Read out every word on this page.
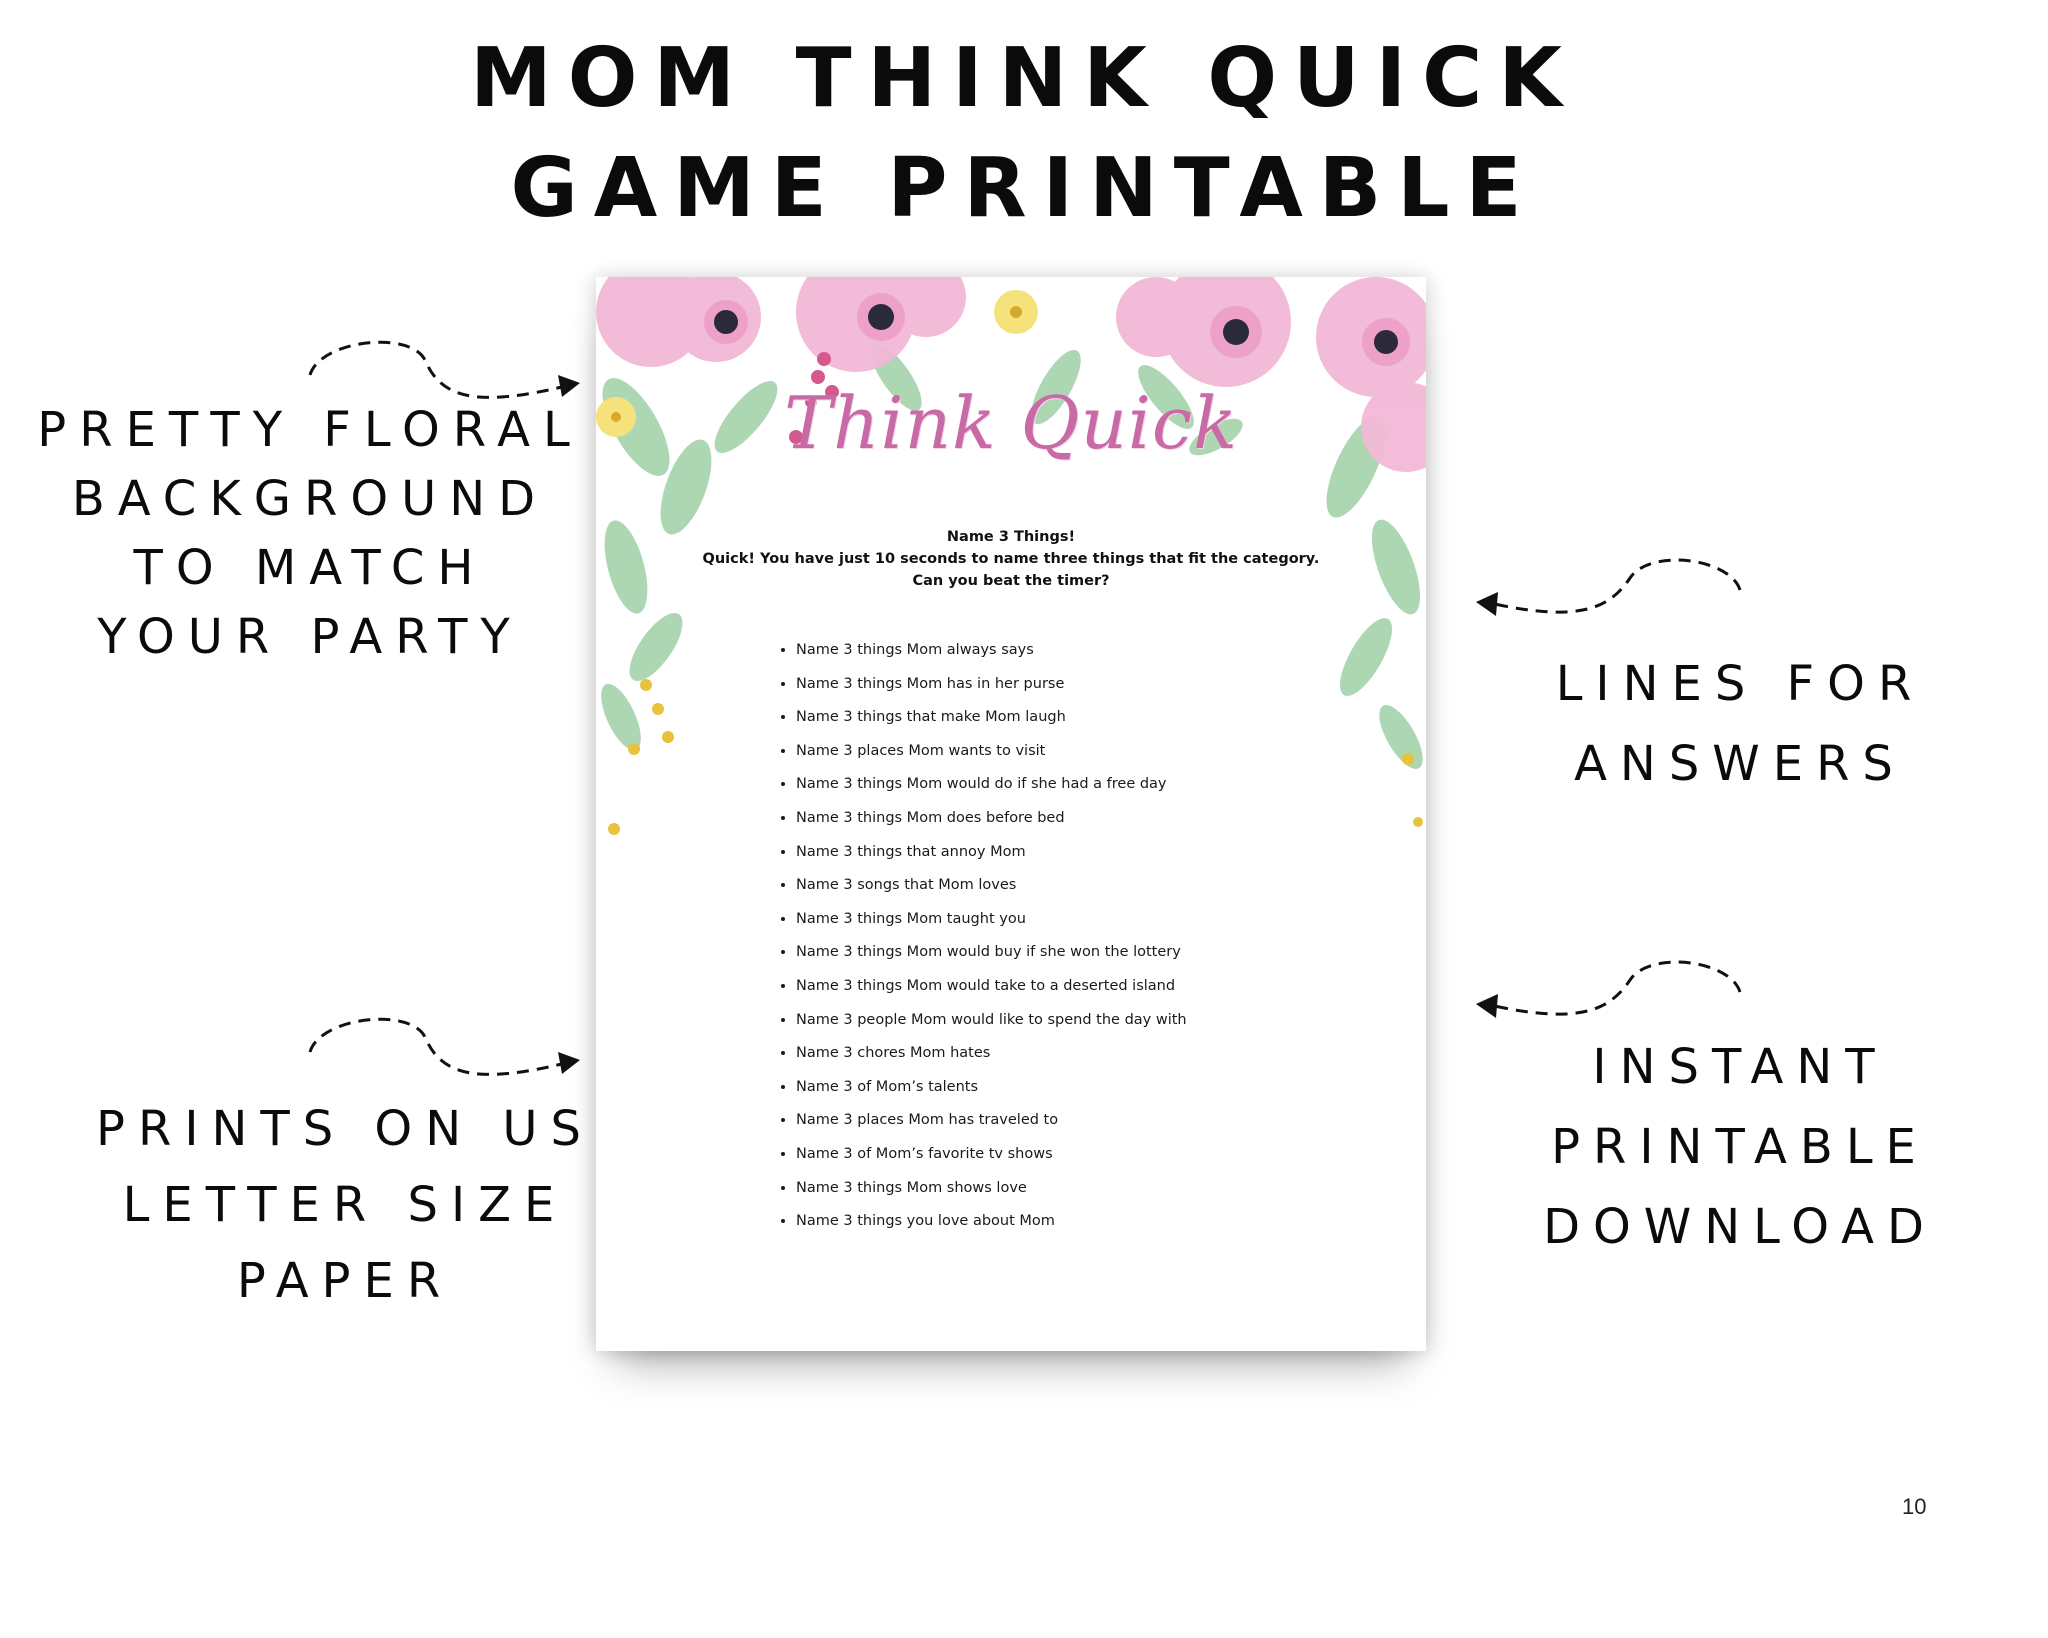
MOM THINK QUICK
GAME PRINTABLE
PRETTY FLORAL
BACKGROUND
TO MATCH
YOUR PARTY
PRINTS ON US
LETTER SIZE
PAPER
LINES FOR
ANSWERS
INSTANT
PRINTABLE
DOWNLOAD
Think Quick
Name 3 Things!
Quick! You have just 10 seconds to name three things that fit the category.
Can you beat the timer?
• Name 3 things Mom always says
• Name 3 things Mom has in her purse
• Name 3 things that make Mom laugh
• Name 3 places Mom wants to visit
• Name 3 things Mom would do if she had a free day
• Name 3 things Mom does before bed
• Name 3 things that annoy Mom
• Name 3 songs that Mom loves
• Name 3 things Mom taught you
• Name 3 things Mom would buy if she won the lottery
• Name 3 things Mom would take to a deserted island
• Name 3 people Mom would like to spend the day with
• Name 3 chores Mom hates
• Name 3 of Mom’s talents
• Name 3 places Mom has traveled to
• Name 3 of Mom’s favorite tv shows
• Name 3 things Mom shows love
• Name 3 things you love about Mom
10
